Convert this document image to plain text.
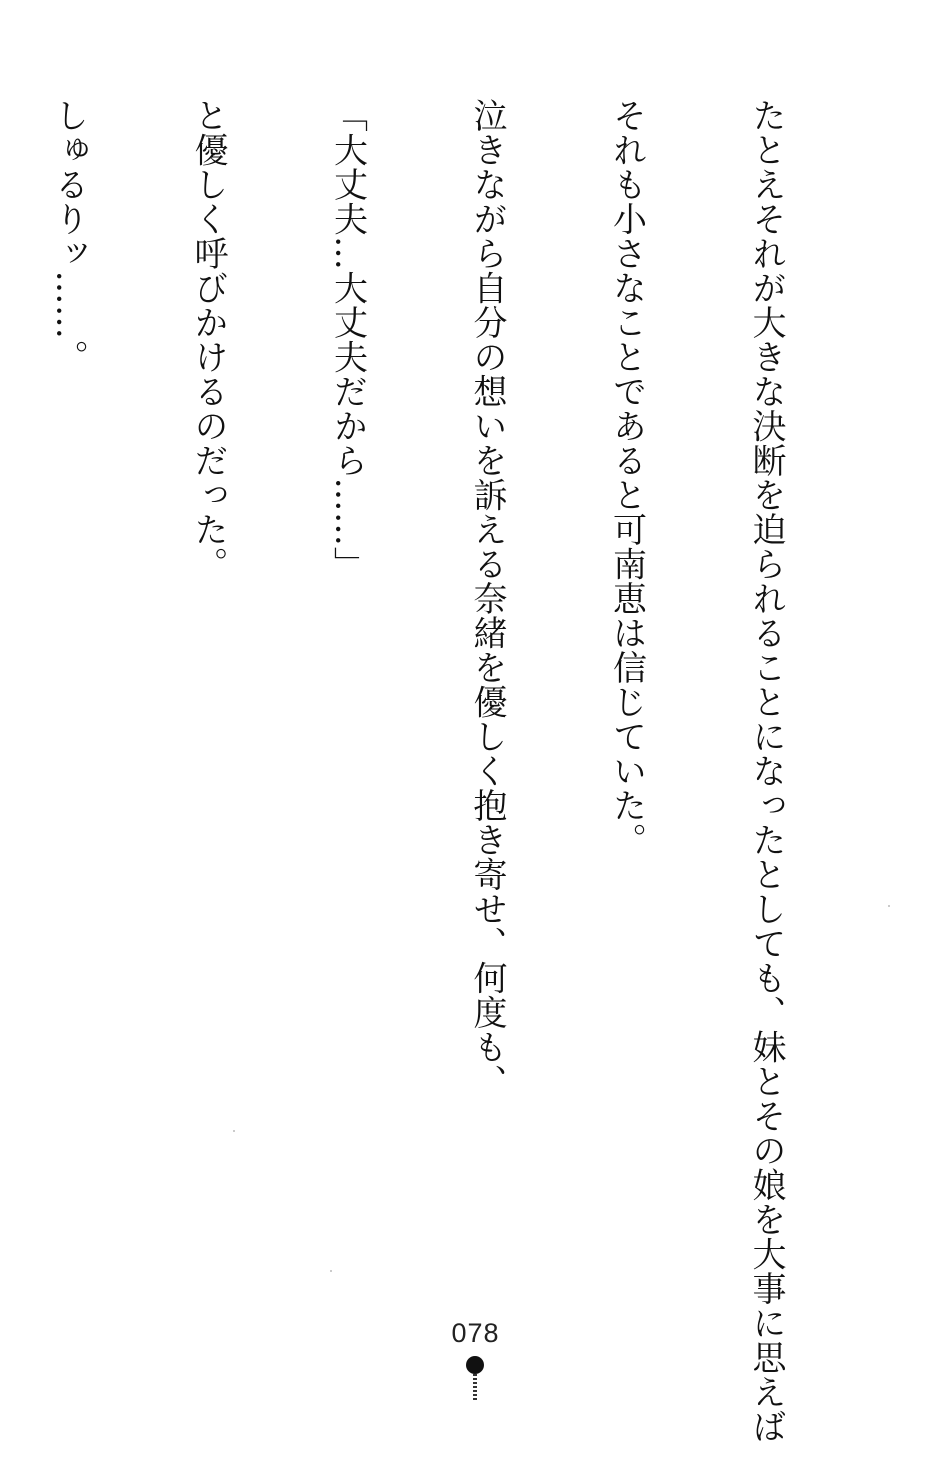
たとえそれが大きな決断を迫られることになったとしても、妹とその娘を大事に思えば

それも小さなことであると可南恵は信じていた。

泣きながら自分の想いを訴える奈緒を優しく抱き寄せ、何度も、

「大丈夫…大丈夫だから……」

と優しく呼びかけるのだった。

しゅるりッ……。

078
